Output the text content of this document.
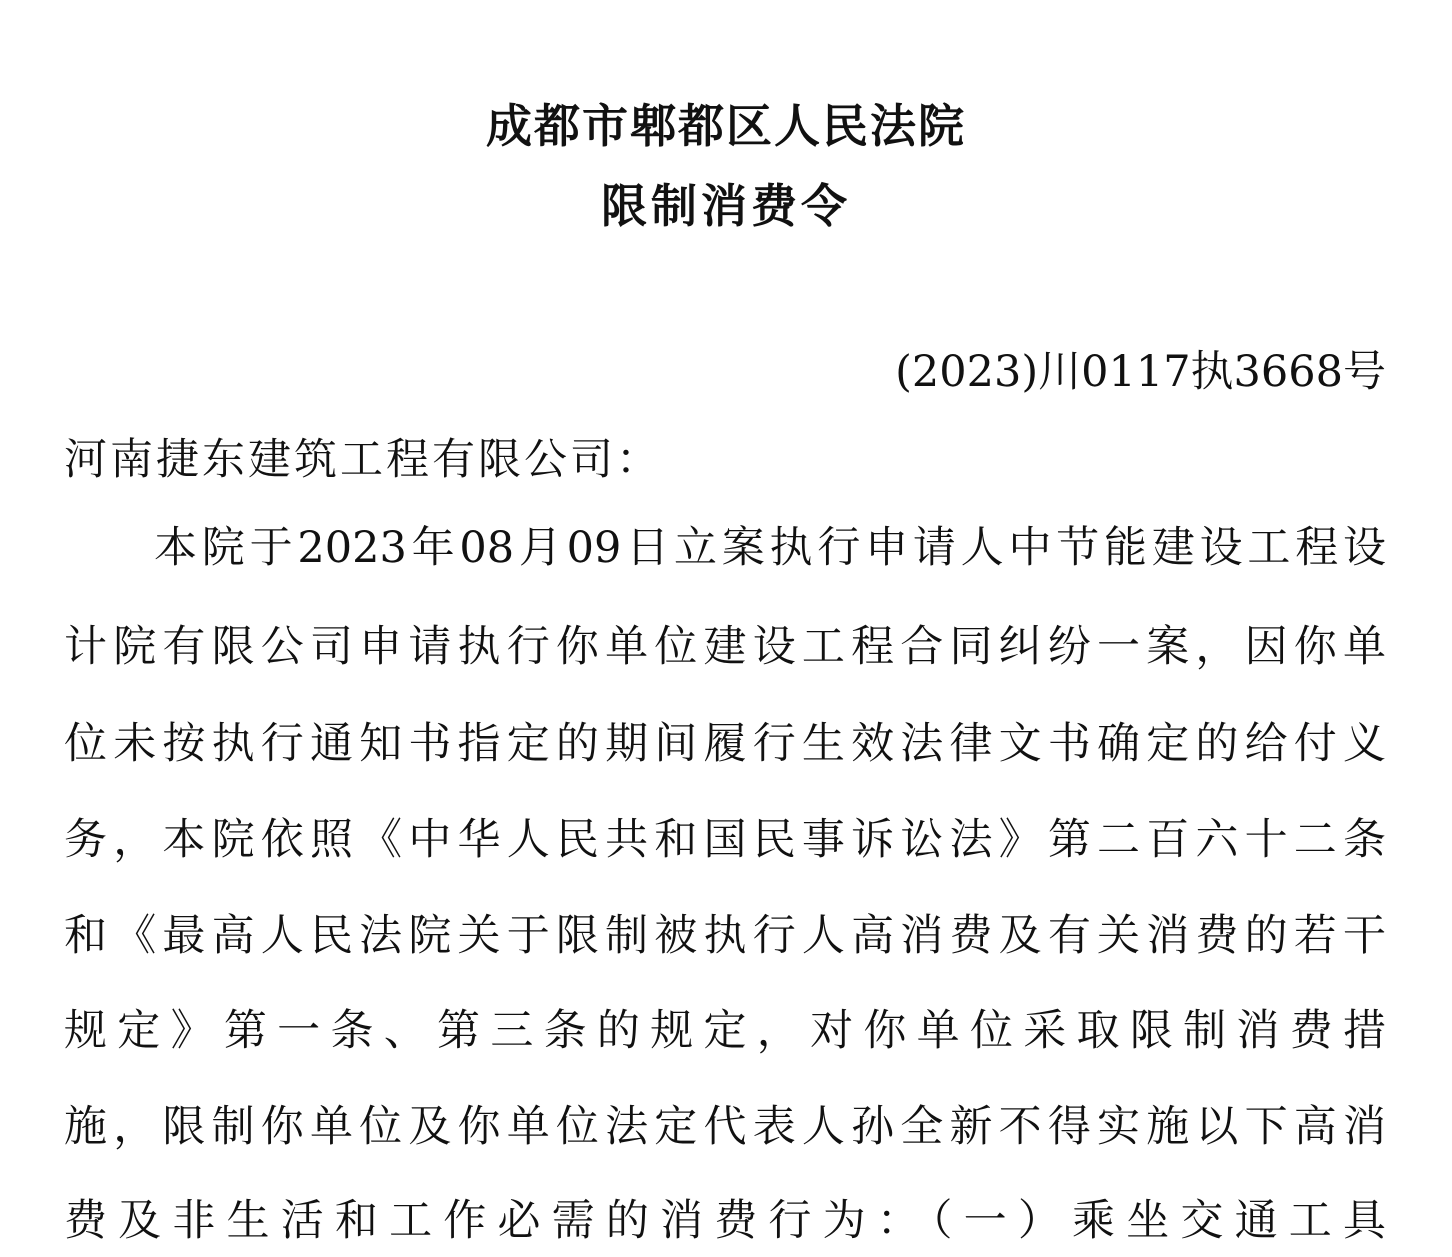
成都市郫都区人民法院
限制消费令
(2023)川0117执3668号
河南捷东建筑工程有限公司：
本院于2023年08月09日立案执行申请人中节能建设工程设
计院有限公司申请执行你单位建设工程合同纠纷一案，因你单
位未按执行通知书指定的期间履行生效法律文书确定的给付义
务，本院依照《中华人民共和国民事诉讼法》第二百六十二条
和《最高人民法院关于限制被执行人高消费及有关消费的若干
规定》第一条、第三条的规定，对你单位采取限制消费措
施，限制你单位及你单位法定代表人孙全新不得实施以下高消
费及非生活和工作必需的消费行为：（一）乘坐交通工具
